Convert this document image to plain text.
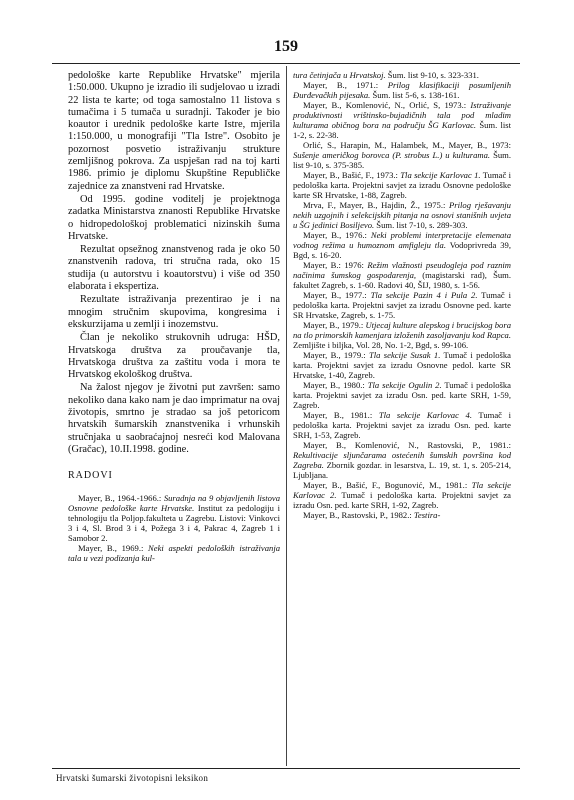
159

pedološke karte Republike Hrvatske" mjerila 1:50.000. Ukupno je izradio ili sudjelovao u izradi 22 lista te karte; od toga samostalno 11 listova s tumačima i 5 tumača u suradnji. Također je bio koautor i urednik pedološke karte Istre, mjerila 1:150.000, u monografiji "Tla Istre". Osobito je pozornost posvetio istraživanju strukture zemljišnog pokrova. Za uspješan rad na toj karti 1986. primio je diplomu Skupštine Republičke zajednice za znanstveni rad Hrvatske.

Od 1995. godine voditelj je projektnoga zadatka Ministarstva znanosti Republike Hrvatske o hidropedološkoj problematici nizinskih šuma Hrvatske.

Rezultat opsežnog znanstvenog rada je oko 50 znanstvenih radova, tri stručna rada, oko 15 studija (u autorstvu i koautorstvu) i više od 350 elaborata i ekspertiza.

Rezultate istraživanja prezentirao je i na mnogim stručnim skupovima, kongresima i ekskurzijama u zemlji i inozemstvu.

Član je nekoliko strukovnih udruga: HŠD, Hrvatskoga društva za proučavanje tla, Hrvatskoga društva za zaštitu voda i mora te Hrvatskog ekološkog društva.

Na žalost njegov je životni put završen: samo nekoliko dana kako nam je dao imprimatur na ovaj životopis, smrtno je stradao sa još petoricom hrvatskih šumarskih znanstvenika i vrhunskih stručnjaka u saobraćajnoj nesreći kod Malovana (Gračac), 10.II.1998. godine.

RADOVI

Mayer, B., 1964.-1966.: Suradnja na 9 objavljenih listova Osnovne pedološke karte Hrvatske. Institut za pedologiju i tehnologiju tla Poljop.fakulteta u Zagrebu. Listovi: Vinkovci 3 i 4, Sl. Brod 3 i 4, Požega 3 i 4, Pakrac 4, Zagreb 1 i Samobor 2.

Mayer, B., 1969.: Neki aspekti pedoloških istraživanja tala u vezi podizanja kul-

tura četinjača u Hrvatskoj. Šum. list 9-10, s. 323-331.

Mayer, B., 1971.: Prilog klasifikaciji posumljenih Đurđevačkih pijesaka. Šum. list 5-6, s. 138-161.

Mayer, B., Komlenović, N., Orlić, S, 1973.: Istraživanje produktivnosti vrištinsko-bujadičnih tala pod mladim kulturama običnog bora na području ŠG Karlovac. Šum. list 1-2, s. 22-38.

Orlić, S., Harapin, M., Halambek, M., Mayer, B., 1973: Sušenje američkog borovca (P. strobus L.) u kulturama. Šum. list 9-10, s. 375-385.

Mayer, B., Bašić, F., 1973.: Tla sekcije Karlovac 1. Tumač i pedološka karta. Projektni savjet za izradu Osnovne pedološke karte SR Hrvatske, 1-88, Zagreb.

Mrva, F., Mayer, B., Hajdin, Ž., 1975.: Prilog rješavanju nekih uzgojnih i selekcijskih pitanja na osnovi stanišnih uvjeta u ŠG jedinici Bosiljevo. Šum. list 7-10, s. 289-303.

Mayer, B., 1976.: Neki problemi interpretacije elemenata vodnog režima u humoznom amfigleju tla. Vodoprivreda 39, Bgd, s. 16-20.

Mayer, B.: 1976: Režim vlažnosti pseudogleja pod raznim načinima šumskog gospodarenja, (magistarski rad), Šum. fakultet Zagreb, s. 1-60. Radovi 40, ŠIJ, 1980, s. 1-56.

Mayer, B., 1977.: Tla sekcije Pazin 4 i Pula 2. Tumač i pedološka karta. Projektni savjet za izradu Osnovne ped. karte SR Hrvatske, Zagreb, s. 1-75.

Mayer, B., 1979.: Utjecaj kulture alepskog i brucijskog bora na tlo primorskih kamenjara izloženih zasoljavanju kod Rapca. Zemljište i biljka, Vol. 28, No. 1-2, Bgd, s. 99-106.

Mayer, B., 1979.: Tla sekcije Susak 1. Tumač i pedološka karta. Projektni savjet za izradu Osnovne pedol. karte SR Hrvatske, 1-40, Zagreb.

Mayer, B., 1980.: Tla sekcije Ogulin 2. Tumač i pedološka karta. Projektni savjet za izradu Osn. ped. karte SRH, 1-59, Zagreb.

Mayer, B., 1981.: Tla sekcije Karlovac 4. Tumač i pedološka karta. Projektni savjet za izradu Osn. ped. karte SRH, 1-53, Zagreb.

Mayer, B., Komlenović, N., Rastovski, P., 1981.: Rekultivacije sljunčarama ostećenih šumskih površina kod Zagreba. Zbornik gozdar. in lesarstva, L. 19, st. 1, s. 205-214, Ljubljana.

Mayer, B., Bašić, F., Bogunović, M., 1981.: Tla sekcije Karlovac 2. Tumač i pedološka karta. Projektni savjet za izradu Osn. ped. karte SRH, 1-92, Zagreb.

Mayer, B., Rastovski, P., 1982.: Testira-

Hrvatski šumarski životopisni leksikon
